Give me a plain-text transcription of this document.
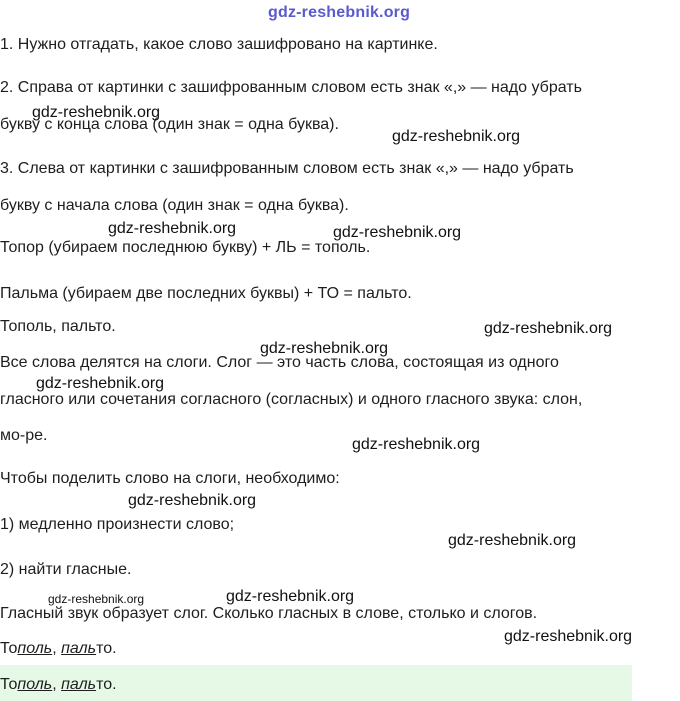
gdz-reshebnik.org
1. Нужно отгадать, какое слово зашифровано на картинке.
2. Справа от картинки с зашифрованным словом есть знак «,» — надо убрать
букву с конца слова (один знак = одна буква).
3. Слева от картинки с зашифрованным словом есть знак «,» — надо убрать
букву с начала слова (один знак = одна буква).
Топор (убираем последнюю букву) + ЛЬ = тополь.
Пальма (убираем две последних буквы) + ТО = пальто.
Тополь, пальто.
Все слова делятся на слоги. Слог — это часть слова, состоящая из одного
гласного или сочетания согласного (согласных) и одного гласного звука: слон,
мо-ре.
Чтобы поделить слово на слоги, необходимо:
1) медленно произнести слово;
2) найти гласные.
Гласный звук образует слог. Сколько гласных в слове, столько и слогов.
Тополь, пальто.
Тополь, пальто.
gdz-reshebnik.org
gdz-reshebnik.org
gdz-reshebnik.org	gdz-reshebnik.org
gdz-reshebnik.org
gdz-reshebnik.org
gdz-reshebnik.org
gdz-reshebnik.org
gdz-reshebnik.org
gdz-reshebnik.org
gdz-reshebnik.org	gdz-reshebnik.org
gdz-reshebnik.org
